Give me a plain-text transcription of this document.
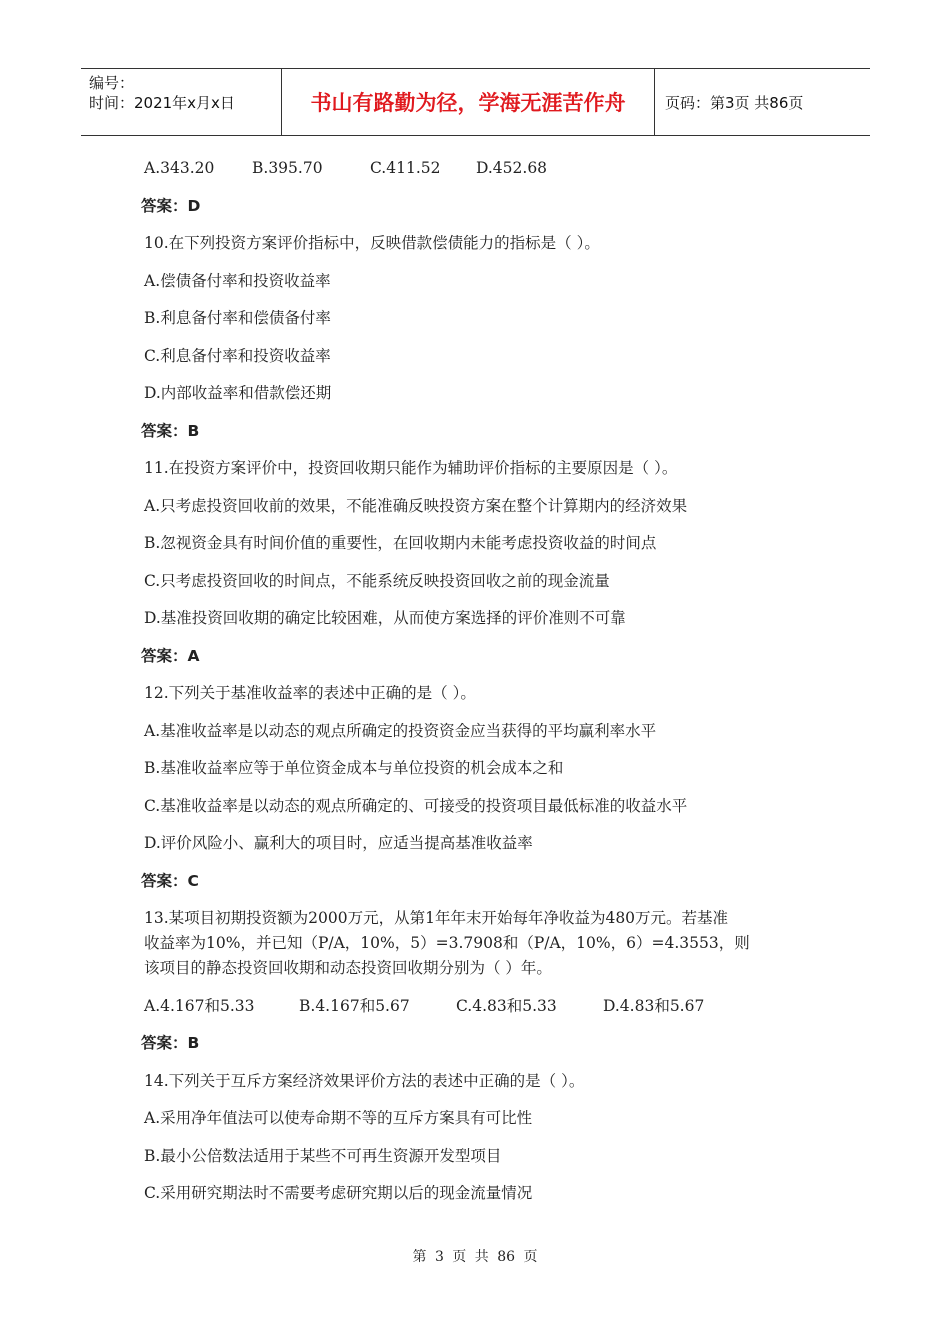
编号：
时间：2021年x月x日	书山有路勤为径，学海无涯苦作舟	页码：第3页 共86页
A.343.20 B.395.70	C.411.52 D.452.68
答案：D
10.在下列投资方案评价指标中，反映借款偿债能力的指标是（ ）。
A.偿债备付率和投资收益率
B.利息备付率和偿债备付率
C.利息备付率和投资收益率
D.内部收益率和借款偿还期
答案：B
11.在投资方案评价中，投资回收期只能作为辅助评价指标的主要原因是（ ）。
A.只考虑投资回收前的效果，不能准确反映投资方案在整个计算期内的经济效果
B.忽视资金具有时间价值的重要性，在回收期内未能考虑投资收益的时间点
C.只考虑投资回收的时间点，不能系统反映投资回收之前的现金流量
D.基准投资回收期的确定比较困难，从而使方案选择的评价准则不可靠
答案：A
12.下列关于基准收益率的表述中正确的是（ ）。
A.基准收益率是以动态的观点所确定的投资资金应当获得的平均赢利率水平
B.基准收益率应等于单位资金成本与单位投资的机会成本之和
C.基准收益率是以动态的观点所确定的、可接受的投资项目最低标准的收益水平
D.评价风险小、赢利大的项目时，应适当提高基准收益率
答案：C
13.某项目初期投资额为2000万元，从第1年年末开始每年净收益为480万元。若基准
收益率为10%，并已知（P/A，10%，5）=3.7908和（P/A，10%，6）=4.3553，则
该项目的静态投资回收期和动态投资回收期分别为（ ）年。
A.4.167和5.33	B.4.167和5.67	C.4.83和5.33	D.4.83和5.67
答案：B
14.下列关于互斥方案经济效果评价方法的表述中正确的是（ ）。
A.采用净年值法可以使寿命期不等的互斥方案具有可比性
B.最小公倍数法适用于某些不可再生资源开发型项目
C.采用研究期法时不需要考虑研究期以后的现金流量情况
第 3 页 共 86 页
